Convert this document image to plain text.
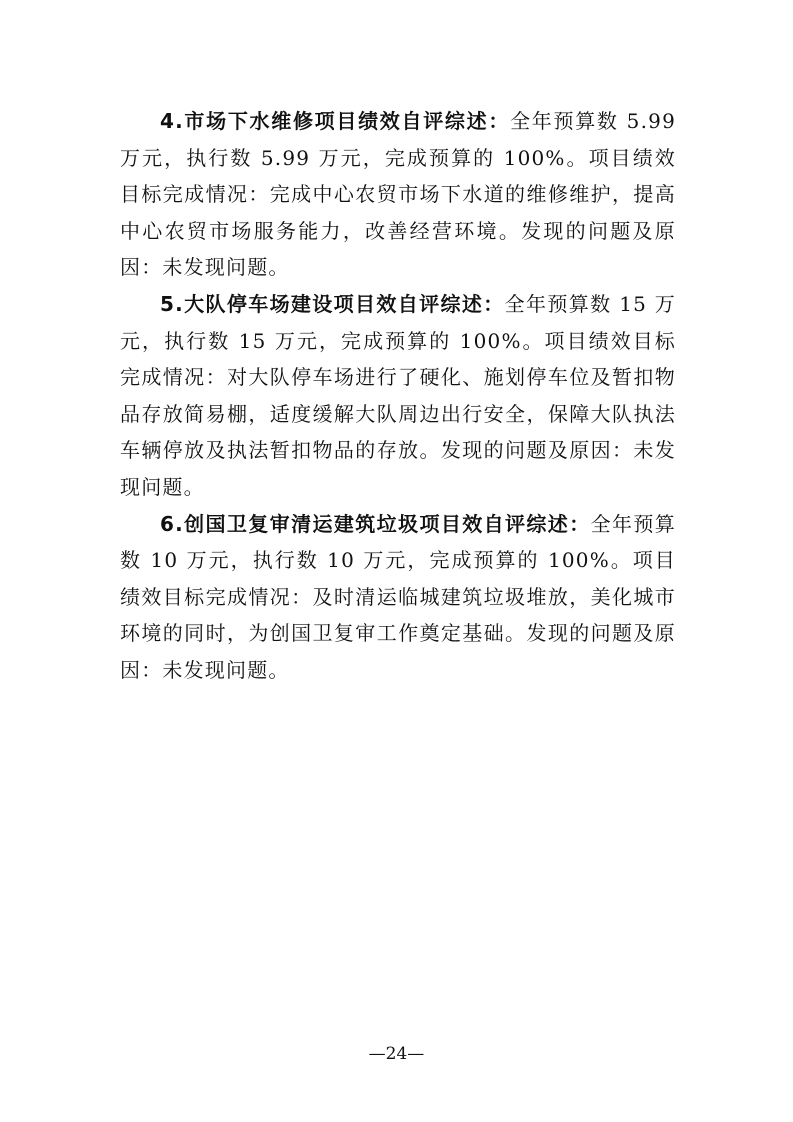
4.市场下水维修项目绩效自评综述：全年预算数 5.99 万元，执行数 5.99 万元，完成预算的 100%。项目绩效目标完成情况：完成中心农贸市场下水道的维修维护，提高中心农贸市场服务能力，改善经营环境。发现的问题及原因：未发现问题。

5.大队停车场建设项目效自评综述：全年预算数 15 万元，执行数 15 万元，完成预算的 100%。项目绩效目标完成情况：对大队停车场进行了硬化、施划停车位及暂扣物品存放简易棚，适度缓解大队周边出行安全，保障大队执法车辆停放及执法暂扣物品的存放。发现的问题及原因：未发现问题。

6.创国卫复审清运建筑垃圾项目效自评综述：全年预算数 10 万元，执行数 10 万元，完成预算的 100%。项目绩效目标完成情况：及时清运临城建筑垃圾堆放，美化城市环境的同时，为创国卫复审工作奠定基础。发现的问题及原因：未发现问题。

—24—
